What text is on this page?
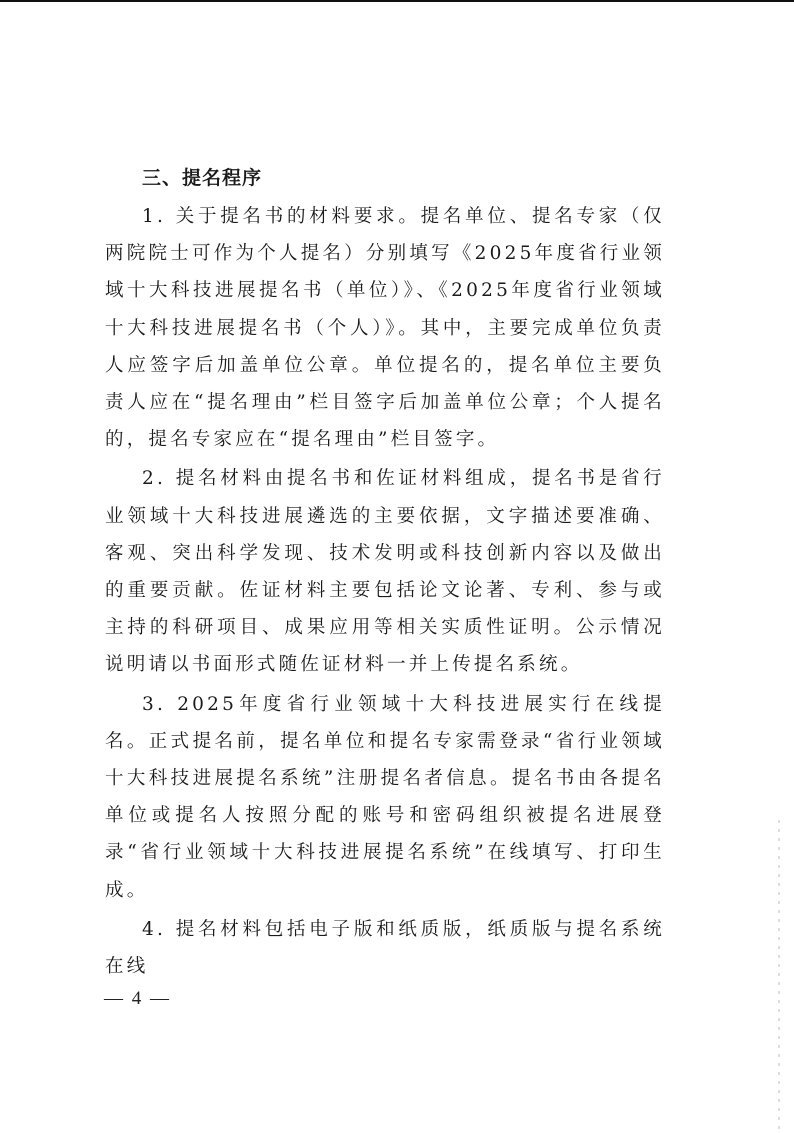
三、提名程序

1. 关于提名书的材料要求。提名单位、提名专家（仅两院院士可作为个人提名）分别填写《2025年度省行业领域十大科技进展提名书（单位）》、《2025年度省行业领域十大科技进展提名书（个人）》。其中，主要完成单位负责人应签字后加盖单位公章。单位提名的，提名单位主要负责人应在“提名理由”栏目签字后加盖单位公章；个人提名的，提名专家应在“提名理由”栏目签字。

2. 提名材料由提名书和佐证材料组成，提名书是省行业领域十大科技进展遴选的主要依据，文字描述要准确、客观、突出科学发现、技术发明或科技创新内容以及做出的重要贡献。佐证材料主要包括论文论著、专利、参与或主持的科研项目、成果应用等相关实质性证明。公示情况说明请以书面形式随佐证材料一并上传提名系统。

3. 2025年度省行业领域十大科技进展实行在线提名。正式提名前，提名单位和提名专家需登录“省行业领域十大科技进展提名系统”注册提名者信息。提名书由各提名单位或提名人按照分配的账号和密码组织被提名进展登录“省行业领域十大科技进展提名系统”在线填写、打印生成。

4. 提名材料包括电子版和纸质版，纸质版与提名系统在线

— 4 —
